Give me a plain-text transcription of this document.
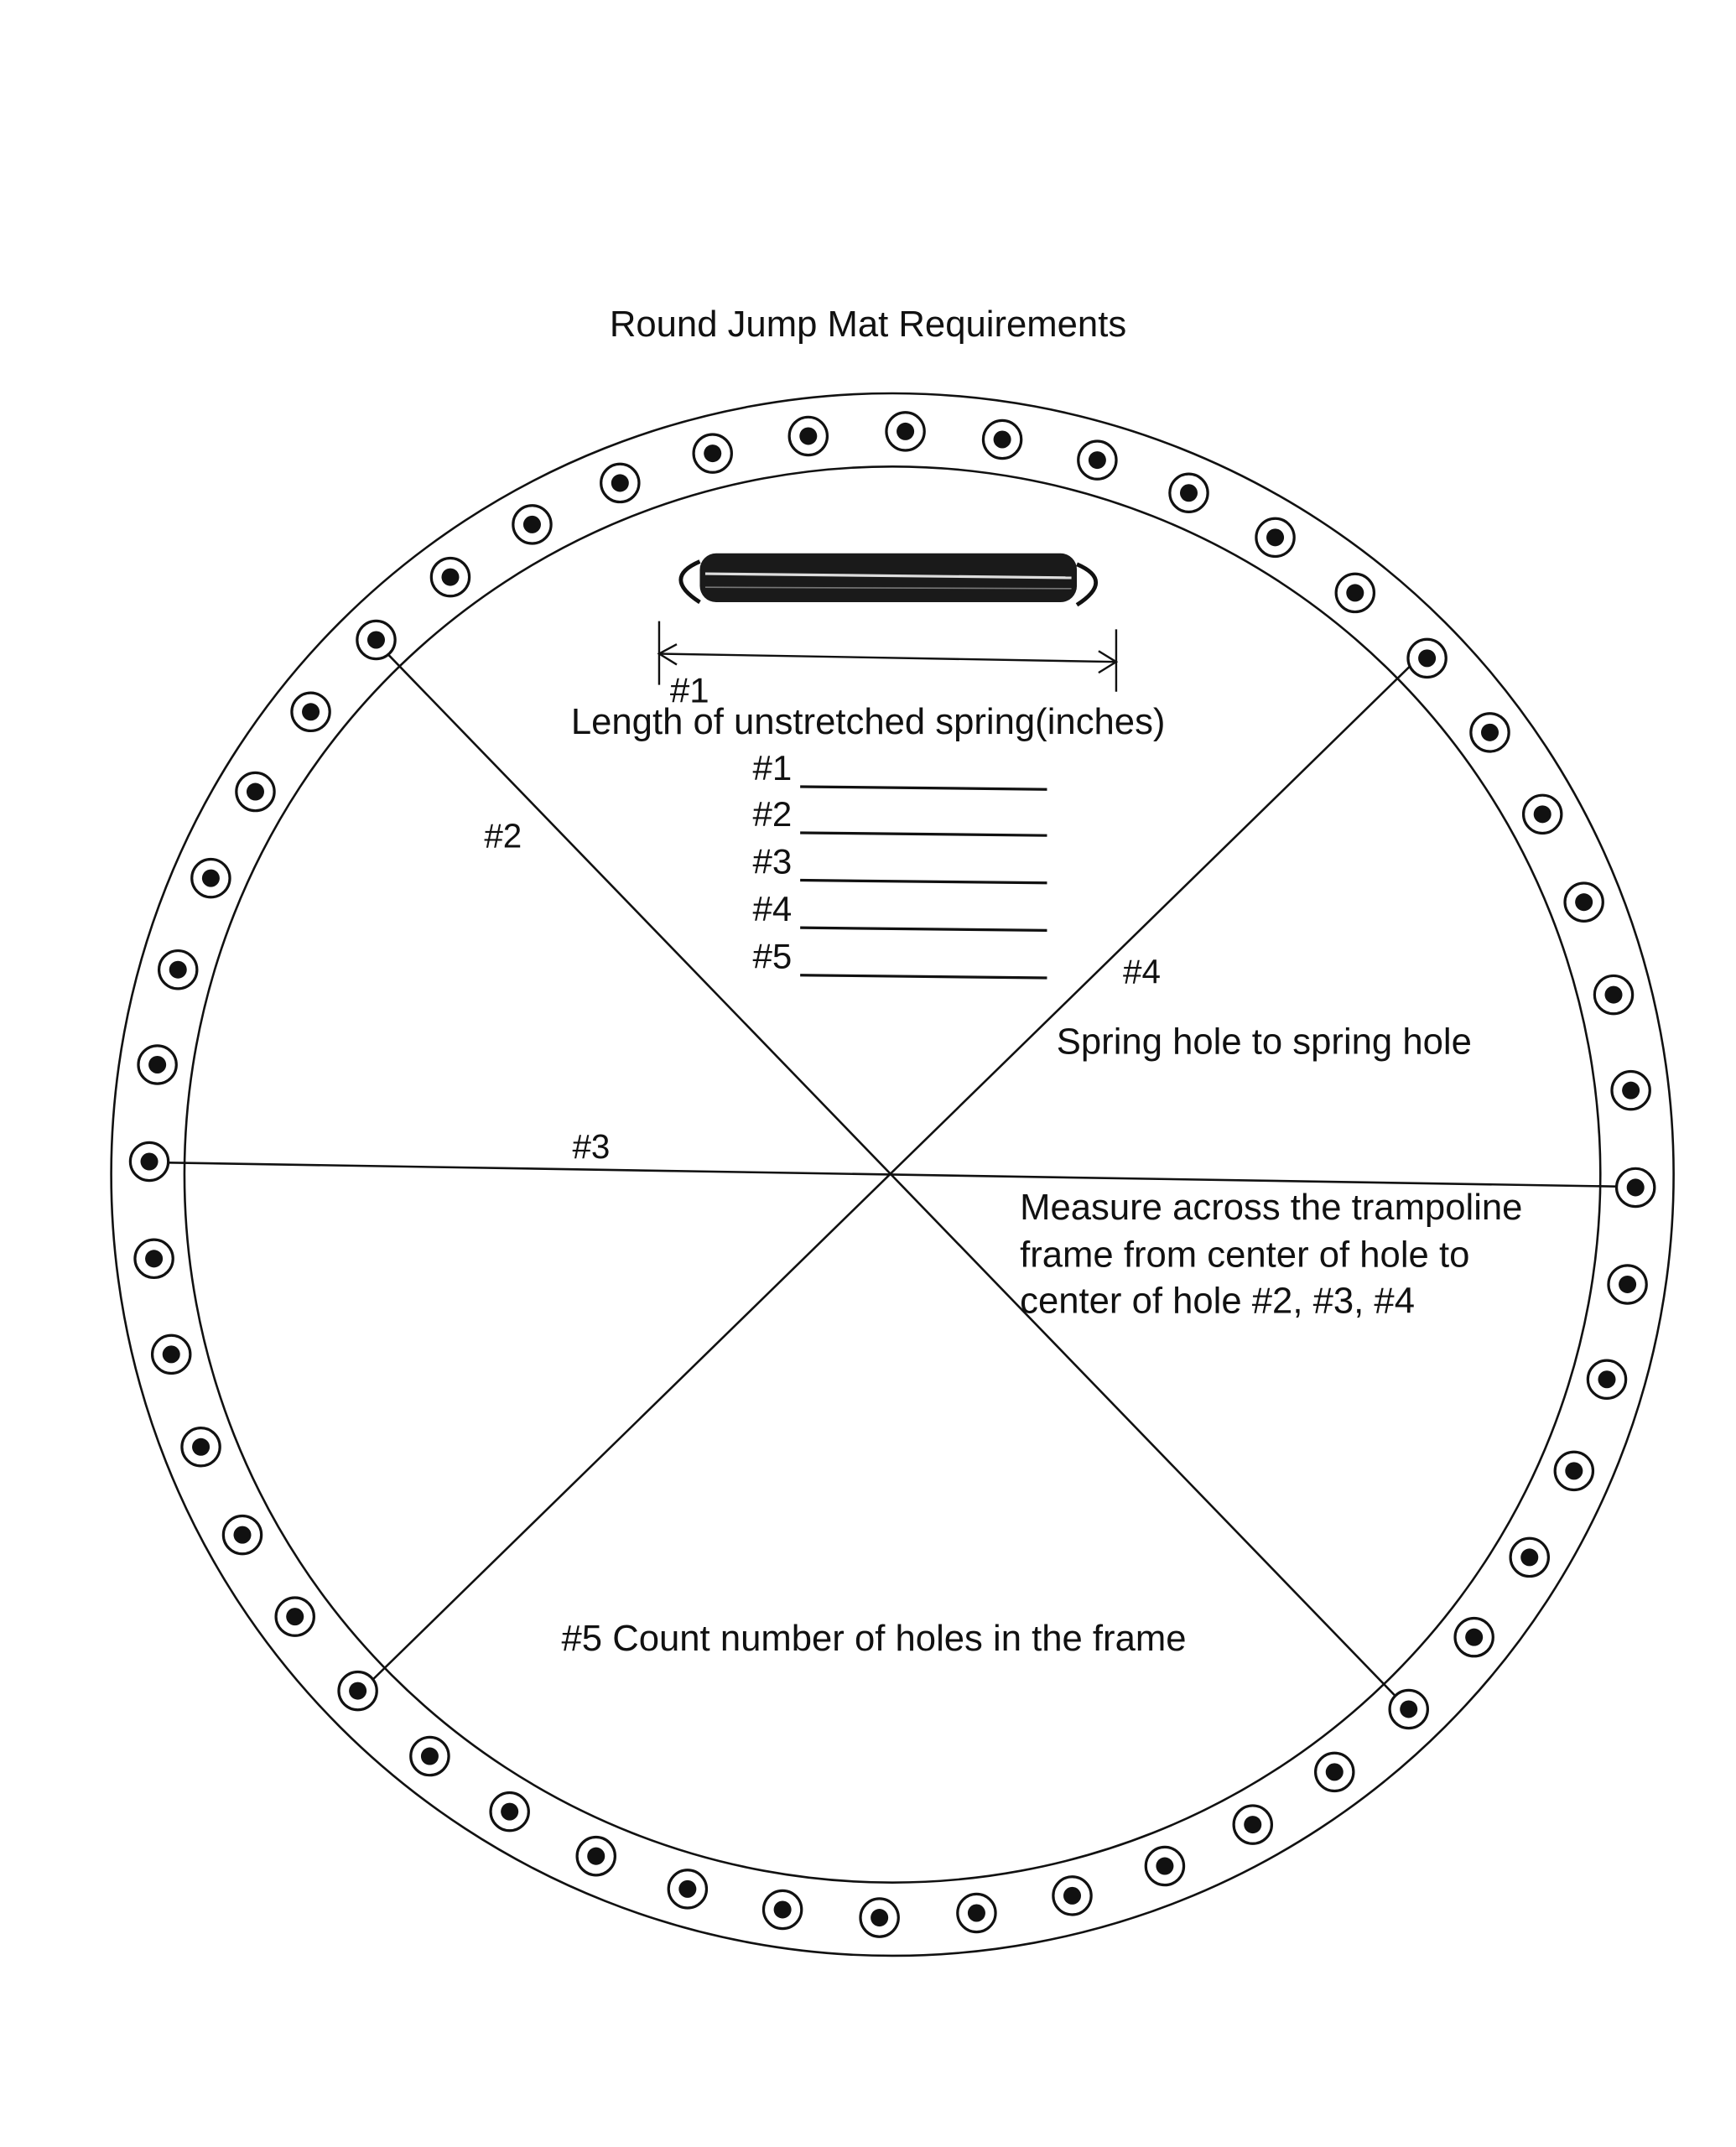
Round Jump Mat Requirements
#1
Length of unstretched spring(inches)
#1
#2
#3
#4
#5
#2
#3
#4
Spring hole to spring hole
Measure across the trampoline
frame from center of hole to
center of hole #2, #3, #4
#5 Count number of holes in the frame
